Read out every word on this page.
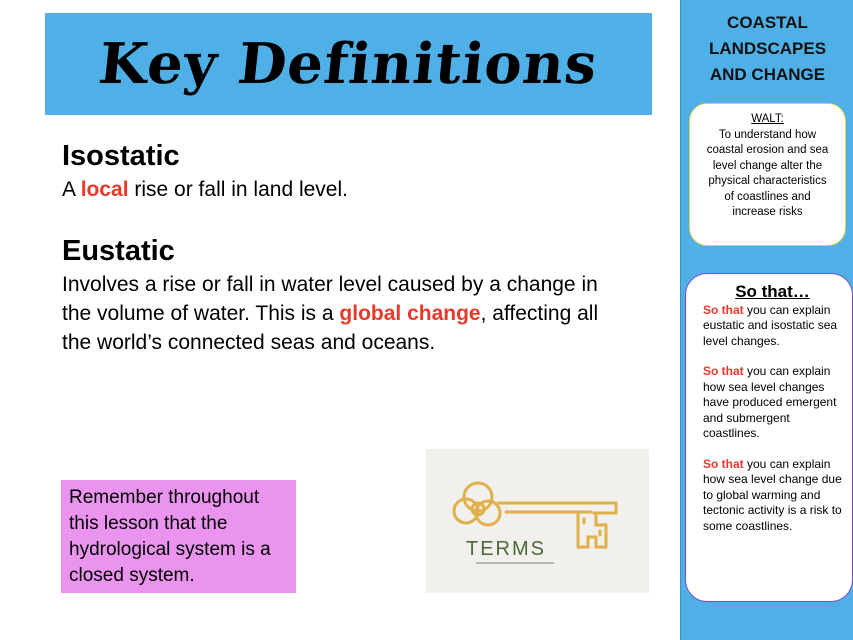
Key Definitions
Isostatic
A local rise or fall in land level.
Eustatic
Involves a rise or fall in water level caused by a change in the volume of water. This is a global change, affecting all the world’s connected seas and oceans.
Remember throughout this lesson that the hydrological system is a closed system.
TERMS
COASTAL LANDSCAPES AND CHANGE
WALT:
To understand how coastal erosion and sea level change alter the physical characteristics of coastlines and increase risks
So that…

So that you can explain eustatic and isostatic sea level changes.

So that you can explain how sea level changes have produced emergent and submergent coastlines.

So that you can explain how sea level change due to global warming and tectonic activity is a risk to some coastlines.
